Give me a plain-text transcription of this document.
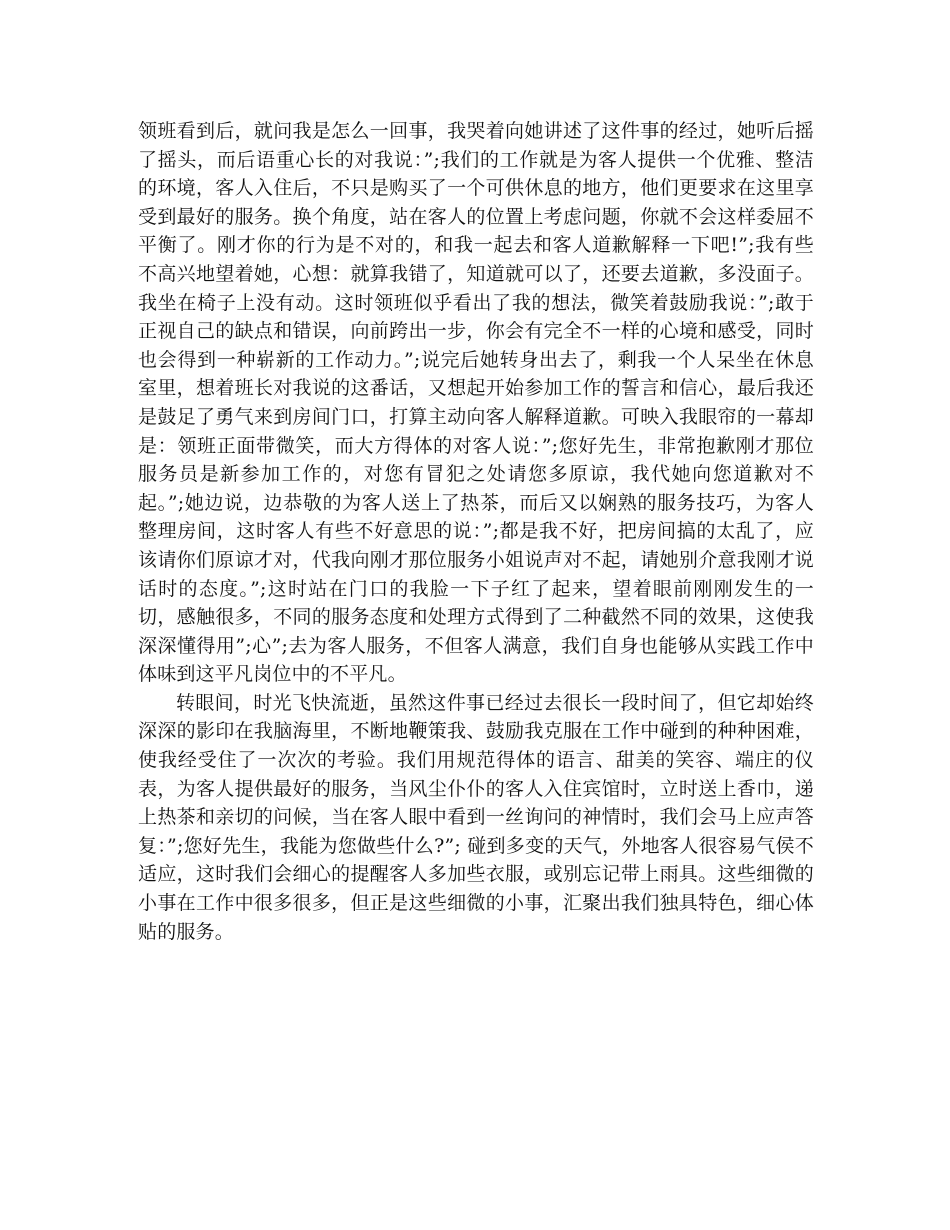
领班看到后，就问我是怎么一回事，我哭着向她讲述了这件事的经过，她听后摇了摇头，而后语重心长的对我说：”;我们的工作就是为客人提供一个优雅、整洁的环境，客人入住后，不只是购买了一个可供休息的地方，他们更要求在这里享受到最好的服务。换个角度，站在客人的位置上考虑问题，你就不会这样委屈不平衡了。刚才你的行为是不对的，和我一起去和客人道歉解释一下吧!”;我有些不高兴地望着她，心想：就算我错了，知道就可以了，还要去道歉，多没面子。我坐在椅子上没有动。这时领班似乎看出了我的想法，微笑着鼓励我说：”;敢于正视自己的缺点和错误，向前跨出一步，你会有完全不一样的心境和感受，同时也会得到一种崭新的工作动力。”;说完后她转身出去了，剩我一个人呆坐在休息室里，想着班长对我说的这番话，又想起开始参加工作的誓言和信心，最后我还是鼓足了勇气来到房间门口，打算主动向客人解释道歉。可映入我眼帘的一幕却是：领班正面带微笑，而大方得体的对客人说：”;您好先生，非常抱歉刚才那位服务员是新参加工作的，对您有冒犯之处请您多原谅，我代她向您道歉对不起。”;她边说，边恭敬的为客人送上了热茶，而后又以娴熟的服务技巧，为客人整理房间，这时客人有些不好意思的说：”;都是我不好，把房间搞的太乱了，应该请你们原谅才对，代我向刚才那位服务小姐说声对不起，请她别介意我刚才说话时的态度。”;这时站在门口的我脸一下子红了起来，望着眼前刚刚发生的一切，感触很多，不同的服务态度和处理方式得到了二种截然不同的效果，这使我深深懂得用”;心”;去为客人服务，不但客人满意，我们自身也能够从实践工作中体味到这平凡岗位中的不平凡。

转眼间，时光飞快流逝，虽然这件事已经过去很长一段时间了，但它却始终深深的影印在我脑海里，不断地鞭策我、鼓励我克服在工作中碰到的种种困难，使我经受住了一次次的考验。我们用规范得体的语言、甜美的笑容、端庄的仪表，为客人提供最好的服务，当风尘仆仆的客人入住宾馆时，立时送上香巾，递上热茶和亲切的问候，当在客人眼中看到一丝询问的神情时，我们会马上应声答复：”;您好先生，我能为您做些什么?”; 碰到多变的天气，外地客人很容易气侯不适应，这时我们会细心的提醒客人多加些衣服，或别忘记带上雨具。这些细微的小事在工作中很多很多，但正是这些细微的小事，汇聚出我们独具特色，细心体贴的服务。
